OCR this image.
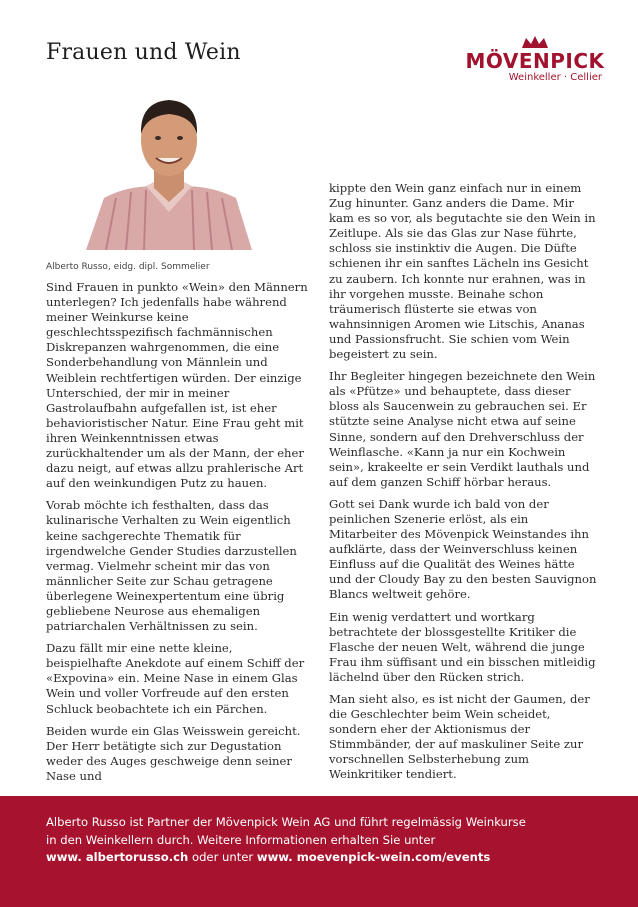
Frauen und Wein	MÖVENPICK
Weinkeller · Cellier
Alberto Russo, eidg. dipl. Sommelier

Sind Frauen in punkto «Wein» den Männern unterlegen? Ich jedenfalls habe während meiner Weinkurse keine geschlechtsspezifisch fachmännischen Diskrepanzen wahrgenommen, die eine Sonderbehandlung von Männlein und Weiblein rechtfertigen würden. Der einzige Unterschied, der mir in meiner Gastrolaufbahn aufgefallen ist, ist eher behavioristischer Natur. Eine Frau geht mit ihren Weinkenntnissen etwas zurückhaltender um als der Mann, der eher dazu neigt, auf etwas allzu prahlerische Art auf den weinkundigen Putz zu hauen.

Vorab möchte ich festhalten, dass das kulinarische Verhalten zu Wein eigentlich keine sachgerechte Thematik für irgendwelche Gender Studies darzustellen vermag. Vielmehr scheint mir das von männlicher Seite zur Schau getragene überlegene Weinexpertentum eine übrig gebliebene Neurose aus ehemaligen patriarchalen Verhältnissen zu sein.

Dazu fällt mir eine nette kleine, beispielhafte Anekdote auf einem Schiff der «Expovina» ein. Meine Nase in einem Glas Wein und voller Vorfreude auf den ersten Schluck beobachtete ich ein Pärchen.

Beiden wurde ein Glas Weisswein gereicht. Der Herr betätigte sich zur Degustation weder des Auges geschweige denn seiner Nase und

kippte den Wein ganz einfach nur in einem Zug hinunter. Ganz anders die Dame. Mir kam es so vor, als begutachte sie den Wein in Zeitlupe. Als sie das Glas zur Nase führte, schloss sie instinktiv die Augen. Die Düfte schienen ihr ein sanftes Lächeln ins Gesicht zu zaubern. Ich konnte nur erahnen, was in ihr vorgehen musste. Beinahe schon träumerisch flüsterte sie etwas von wahnsinnigen Aromen wie Litschis, Ananas und Passionsfrucht. Sie schien vom Wein begeistert zu sein.

Ihr Begleiter hingegen bezeichnete den Wein als «Pfütze» und behauptete, dass dieser bloss als Saucenwein zu gebrauchen sei. Er stützte seine Analyse nicht etwa auf seine Sinne, sondern auf den Drehverschluss der Weinflasche. «Kann ja nur ein Kochwein sein», krakeelte er sein Verdikt lauthals und auf dem ganzen Schiff hörbar heraus.

Gott sei Dank wurde ich bald von der peinlichen Szenerie erlöst, als ein Mitarbeiter des Mövenpick Weinstandes ihn aufklärte, dass der Weinverschluss keinen Einfluss auf die Qualität des Weines hätte und der Cloudy Bay zu den besten Sauvignon Blancs weltweit gehöre.

Ein wenig verdattert und wortkarg betrachtete der blossgestellte Kritiker die Flasche der neuen Welt, während die junge Frau ihm süffisant und ein bisschen mitleidig lächelnd über den Rücken strich.

Man sieht also, es ist nicht der Gaumen, der die Geschlechter beim Wein scheidet, sondern eher der Aktionismus der Stimmbänder, der auf maskuliner Seite zur vorschnellen Selbsterhebung zum Weinkritiker tendiert.

Alberto Russo ist Partner der Mövenpick Wein AG und führt regelmässig Weinkurse
in den Weinkellern durch. Weitere Informationen erhalten Sie unter
www. albertorusso.ch oder unter www. moevenpick-wein.com/events
